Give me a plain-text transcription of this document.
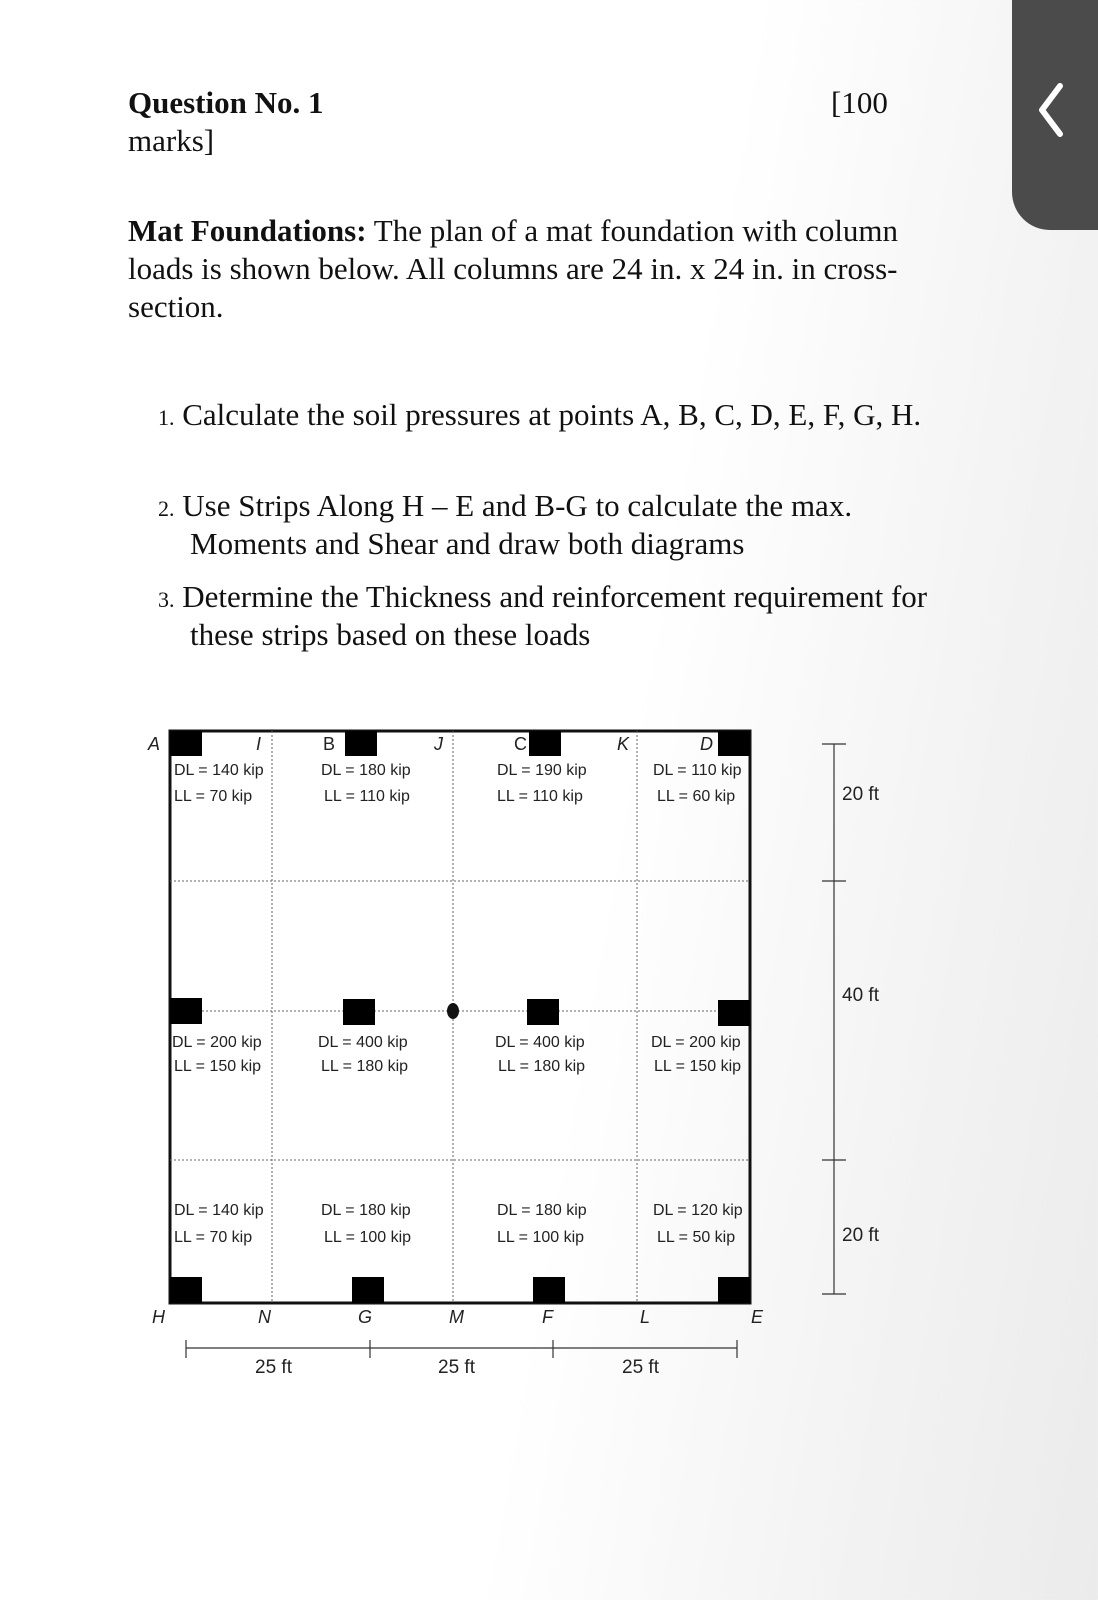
Question No. 1	[100
marks]
Mat Foundations: The plan of a mat foundation with column loads is shown below. All columns are 24 in. x 24 in. in cross-section.
1. Calculate the soil pressures at points A, B, C, D, E, F, G, H.
2. Use Strips Along H – E and B-G to calculate the max.
Moments and Shear and draw both diagrams
3. Determine the Thickness and reinforcement requirement for
these strips based on these loads
A	I	B	J	C	K	D
H	N	G	M	F	L	E
DL = 140 kip
LL = 70 kip
DL = 180 kip
LL = 110 kip
DL = 190 kip
LL = 110 kip
DL = 110 kip
LL = 60 kip
DL = 200 kip
LL = 150 kip
DL = 400 kip
LL = 180 kip
DL = 400 kip
LL = 180 kip
DL = 200 kip
LL = 150 kip
DL = 140 kip
LL = 70 kip
DL = 180 kip
LL = 100 kip
DL = 180 kip
LL = 100 kip
DL = 120 kip
LL = 50 kip
25 ft	25 ft	25 ft
20 ft
40 ft
20 ft
